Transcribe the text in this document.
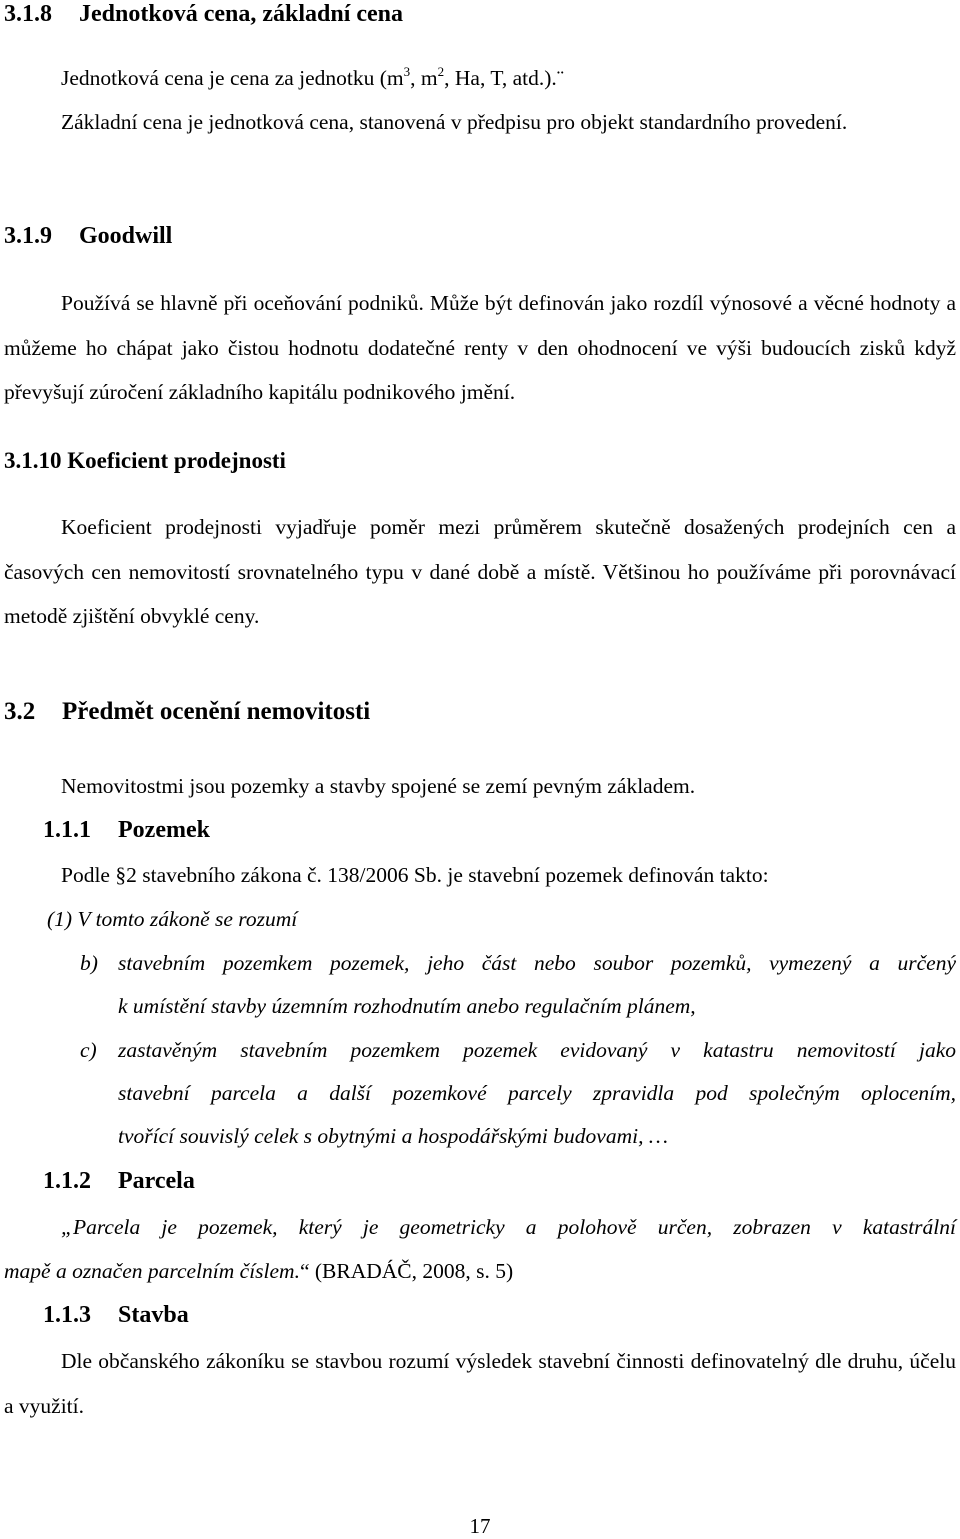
3.1.8 Jednotková cena, základní cena
Jednotková cena je cena za jednotku ($m^3$, $m^2$, Ha, T, atd.).¨
Základní cena je jednotková cena, stanovená v předpisu pro objekt standardního provedení.
3.1.9 Goodwill
Používá se hlavně při oceňování podniků. Může být definován jako rozdíl výnosové a věcné hodnoty a můžeme ho chápat jako čistou hodnotu dodatečné renty v den ohodnocení ve výši budoucích zisků když převyšují zúročení základního kapitálu podnikového jmění.
3.1.10 Koeficient prodejnosti
Koeficient prodejnosti vyjadřuje poměr mezi průměrem skutečně dosažených prodejních cen a časových cen nemovitostí srovnatelného typu v dané době a místě. Většinou ho používáme při porovnávací metodě zjištění obvyklé ceny.
3.2 Předmět ocenění nemovitosti
Nemovitostmi jsou pozemky a stavby spojené se zemí pevným základem.
1.1.1 Pozemek
Podle §2 stavebního zákona č. 138/2006 Sb. je stavební pozemek definován takto:
(1) V tomto zákoně se rozumí
b) stavebním pozemkem pozemek, jeho část nebo soubor pozemků, vymezený a určený
k umístění stavby územním rozhodnutím anebo regulačním plánem,
c) zastavěným stavebním pozemkem pozemek evidovaný v katastru nemovitostí jako
stavební parcela a další pozemkové parcely zpravidla pod společným oplocením,
tvořící souvislý celek s obytnými a hospodářskými budovami, …
1.1.2 Parcela
„Parcela je pozemek, který je geometricky a polohově určen, zobrazen v katastrální
mapě a označen parcelním číslem.“ (BRADÁČ, 2008, s. 5)
1.1.3 Stavba
Dle občanského zákoníku se stavbou rozumí výsledek stavební činnosti definovatelný dle druhu, účelu a využití.
17
